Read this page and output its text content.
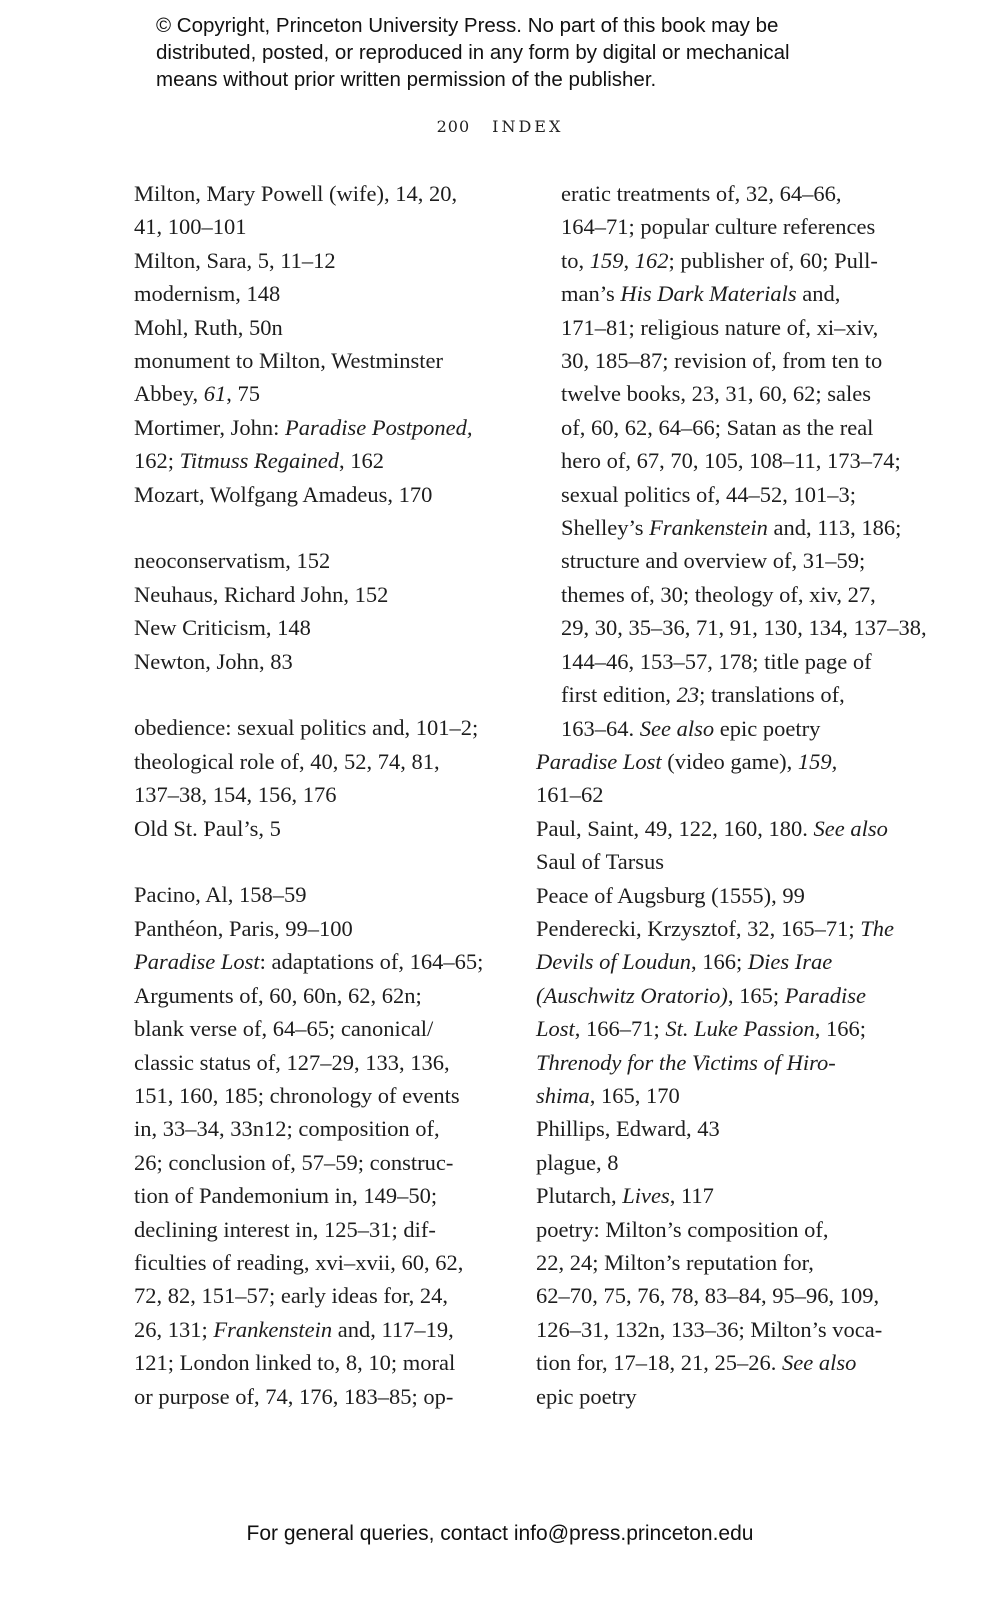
© Copyright, Princeton University Press. No part of this book may be
distributed, posted, or reproduced in any form by digital or mechanical
means without prior written permission of the publisher.
200 INDEX
Milton, Mary Powell (wife), 14, 20,
41, 100–101
Milton, Sara, 5, 11–12
modernism, 148
Mohl, Ruth, 50n
monument to Milton, Westminster
Abbey, 61, 75
Mortimer, John: Paradise Postponed,
162; Titmuss Regained, 162
Mozart, Wolfgang Amadeus, 170
neoconservatism, 152
Neuhaus, Richard John, 152
New Criticism, 148
Newton, John, 83
obedience: sexual politics and, 101–2;
theological role of, 40, 52, 74, 81,
137–38, 154, 156, 176
Old St. Paul’s, 5
Pacino, Al, 158–59
Panthéon, Paris, 99–100
Paradise Lost: adaptations of, 164–65;
Arguments of, 60, 60n, 62, 62n;
blank verse of, 64–65; canonical/
classic status of, 127–29, 133, 136,
151, 160, 185; chronology of events
in, 33–34, 33n12; composition of,
26; conclusion of, 57–59; construc-
tion of Pandemonium in, 149–50;
declining interest in, 125–31; dif-
ficulties of reading, xvi–xvii, 60, 62,
72, 82, 151–57; early ideas for, 24,
26, 131; Frankenstein and, 117–19,
121; London linked to, 8, 10; moral
or purpose of, 74, 176, 183–85; op-
eratic treatments of, 32, 64–66,
164–71; popular culture references
to, 159, 162; publisher of, 60; Pull-
man’s His Dark Materials and,
171–81; religious nature of, xi–xiv,
30, 185–87; revision of, from ten to
twelve books, 23, 31, 60, 62; sales
of, 60, 62, 64–66; Satan as the real
hero of, 67, 70, 105, 108–11, 173–74;
sexual politics of, 44–52, 101–3;
Shelley’s Frankenstein and, 113, 186;
structure and overview of, 31–59;
themes of, 30; theology of, xiv, 27,
29, 30, 35–36, 71, 91, 130, 134, 137–38,
144–46, 153–57, 178; title page of
first edition, 23; translations of,
163–64. See also epic poetry
Paradise Lost (video game), 159,
161–62
Paul, Saint, 49, 122, 160, 180. See also
Saul of Tarsus
Peace of Augsburg (1555), 99
Penderecki, Krzysztof, 32, 165–71; The
Devils of Loudun, 166; Dies Irae
(Auschwitz Oratorio), 165; Paradise
Lost, 166–71; St. Luke Passion, 166;
Threnody for the Victims of Hiro-
shima, 165, 170
Phillips, Edward, 43
plague, 8
Plutarch, Lives, 117
poetry: Milton’s composition of,
22, 24; Milton’s reputation for,
62–70, 75, 76, 78, 83–84, 95–96, 109,
126–31, 132n, 133–36; Milton’s voca-
tion for, 17–18, 21, 25–26. See also
epic poetry
For general queries, contact info@press.princeton.edu
